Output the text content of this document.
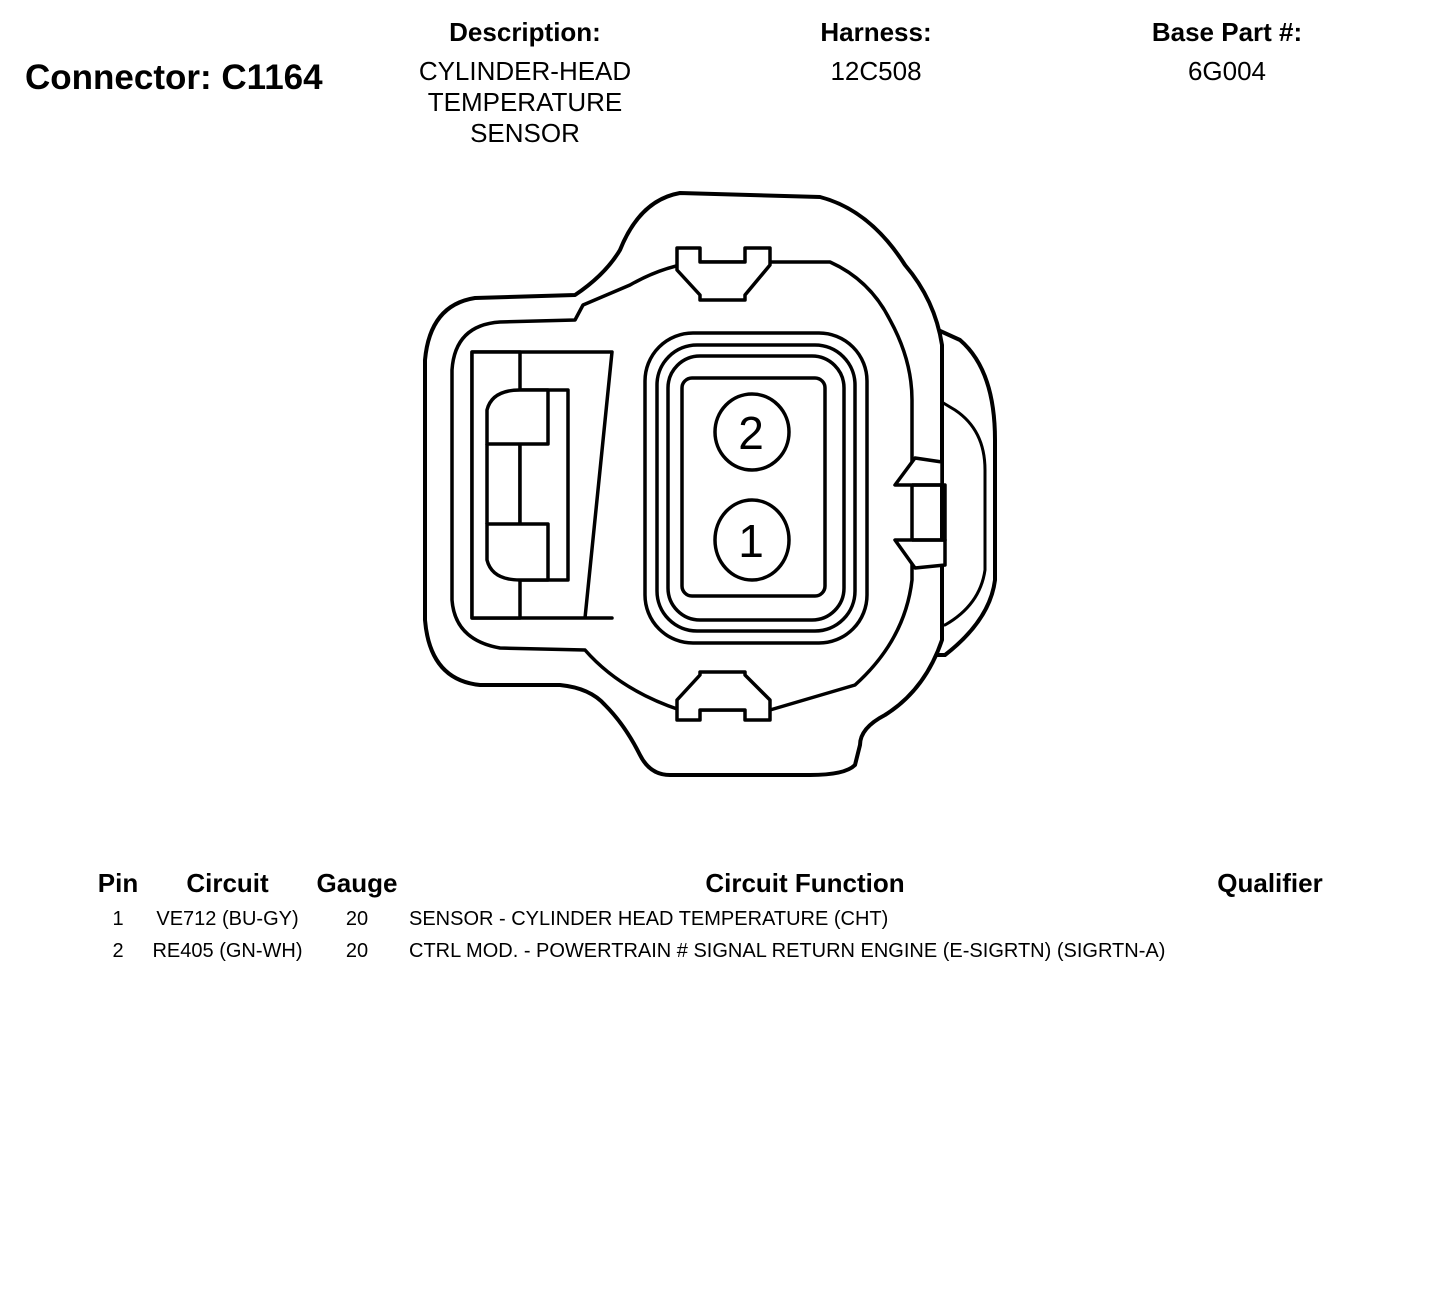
Connector: C1164
Description:
CYLINDER-HEAD
TEMPERATURE
SENSOR
Harness:
12C508
Base Part #:
6G004
2
1
Pin	Circuit	Gauge	Circuit Function	Qualifier
1	VE712 (BU-GY)	20	SENSOR - CYLINDER HEAD TEMPERATURE (CHT)
2	RE405 (GN-WH)	20	CTRL MOD. - POWERTRAIN # SIGNAL RETURN ENGINE (E-SIGRTN) (SIGRTN-A)
